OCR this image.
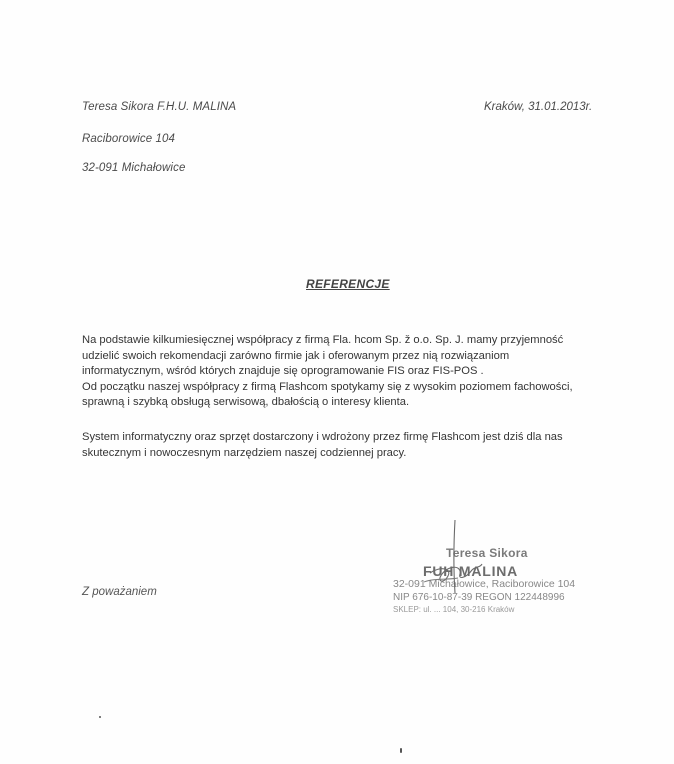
Teresa Sikora F.H.U. MALINA
Raciborowice 104
32-091 Michałowice
Kraków, 31.01.2013r.
REFERENCJE
Na podstawie kilkumiesięcznej współpracy z firmą Fla. hcom Sp. ž o.o. Sp. J. mamy przyjemność
udzielić swoich rekomendacji zarówno firmie jak i oferowanym przez nią rozwiązaniom
informatycznym, wśród których znajduje się oprogramowanie FIS oraz FIS-POS .
Od początku naszej współpracy z firmą Flashcom spotykamy się z wysokim poziomem fachowości,
sprawną i szybką obsługą serwisową, dbałością o interesy klienta.
System informatyczny oraz sprzęt dostarczony i wdrożony przez firmę Flashcom jest dziś dla nas
skutecznym i nowoczesnym narzędziem naszej codziennej pracy.
Z poważaniem
Teresa Sikora
FUH MALINA
32-091 Michałowice, Raciborowice 104
NIP 676-10-87-39 REGON 122448996
SKLEP: ul. ... 104, 30-216 Kraków
